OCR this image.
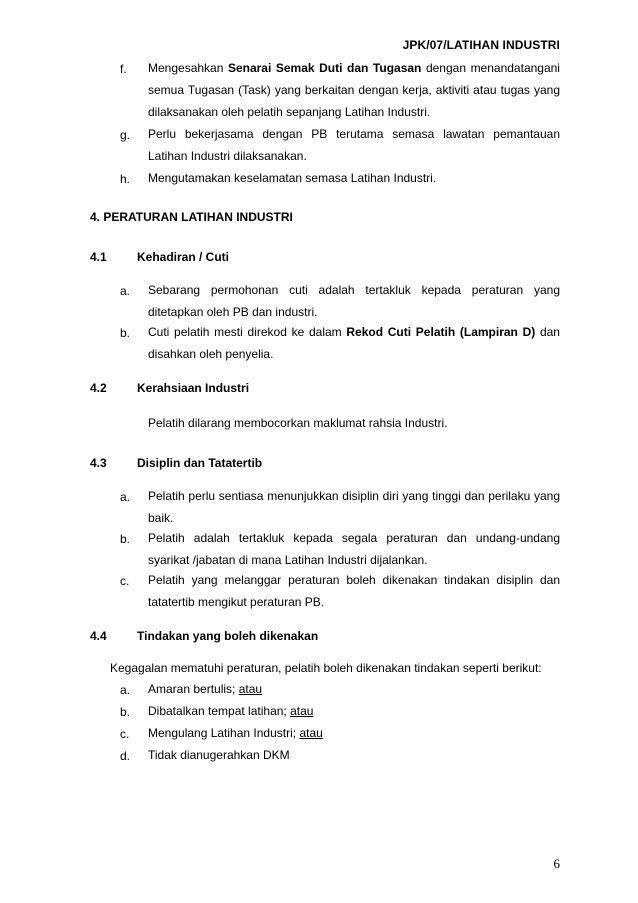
JPK/07/LATIHAN INDUSTRI
f. Mengesahkan Senarai Semak Duti dan Tugasan dengan menandatangani semua Tugasan (Task) yang berkaitan dengan kerja, aktiviti atau tugas yang dilaksanakan oleh pelatih sepanjang Latihan Industri.
g. Perlu bekerjasama dengan PB terutama semasa lawatan pemantauan Latihan Industri dilaksanakan.
h. Mengutamakan keselamatan semasa Latihan Industri.
4. PERATURAN LATIHAN INDUSTRI
4.1	Kehadiran / Cuti
a. Sebarang permohonan cuti adalah tertakluk kepada peraturan yang ditetapkan oleh PB dan industri.
b. Cuti pelatih mesti direkod ke dalam Rekod Cuti Pelatih (Lampiran D) dan disahkan oleh penyelia.
4.2	Kerahsiaan Industri
Pelatih dilarang membocorkan maklumat rahsia Industri.
4.3	Disiplin dan Tatatertib
a. Pelatih perlu sentiasa menunjukkan disiplin diri yang tinggi dan perilaku yang baik.
b. Pelatih adalah tertakluk kepada segala peraturan dan undang-undang syarikat /jabatan di mana Latihan Industri dijalankan.
c. Pelatih yang melanggar peraturan boleh dikenakan tindakan disiplin dan tatatertib mengikut peraturan PB.
4.4	Tindakan yang boleh dikenakan
Kegagalan mematuhi peraturan, pelatih boleh dikenakan tindakan seperti berikut:
a. Amaran bertulis; atau
b. Dibatalkan tempat latihan; atau
c. Mengulang Latihan Industri; atau
d. Tidak dianugerahkan DKM
6
